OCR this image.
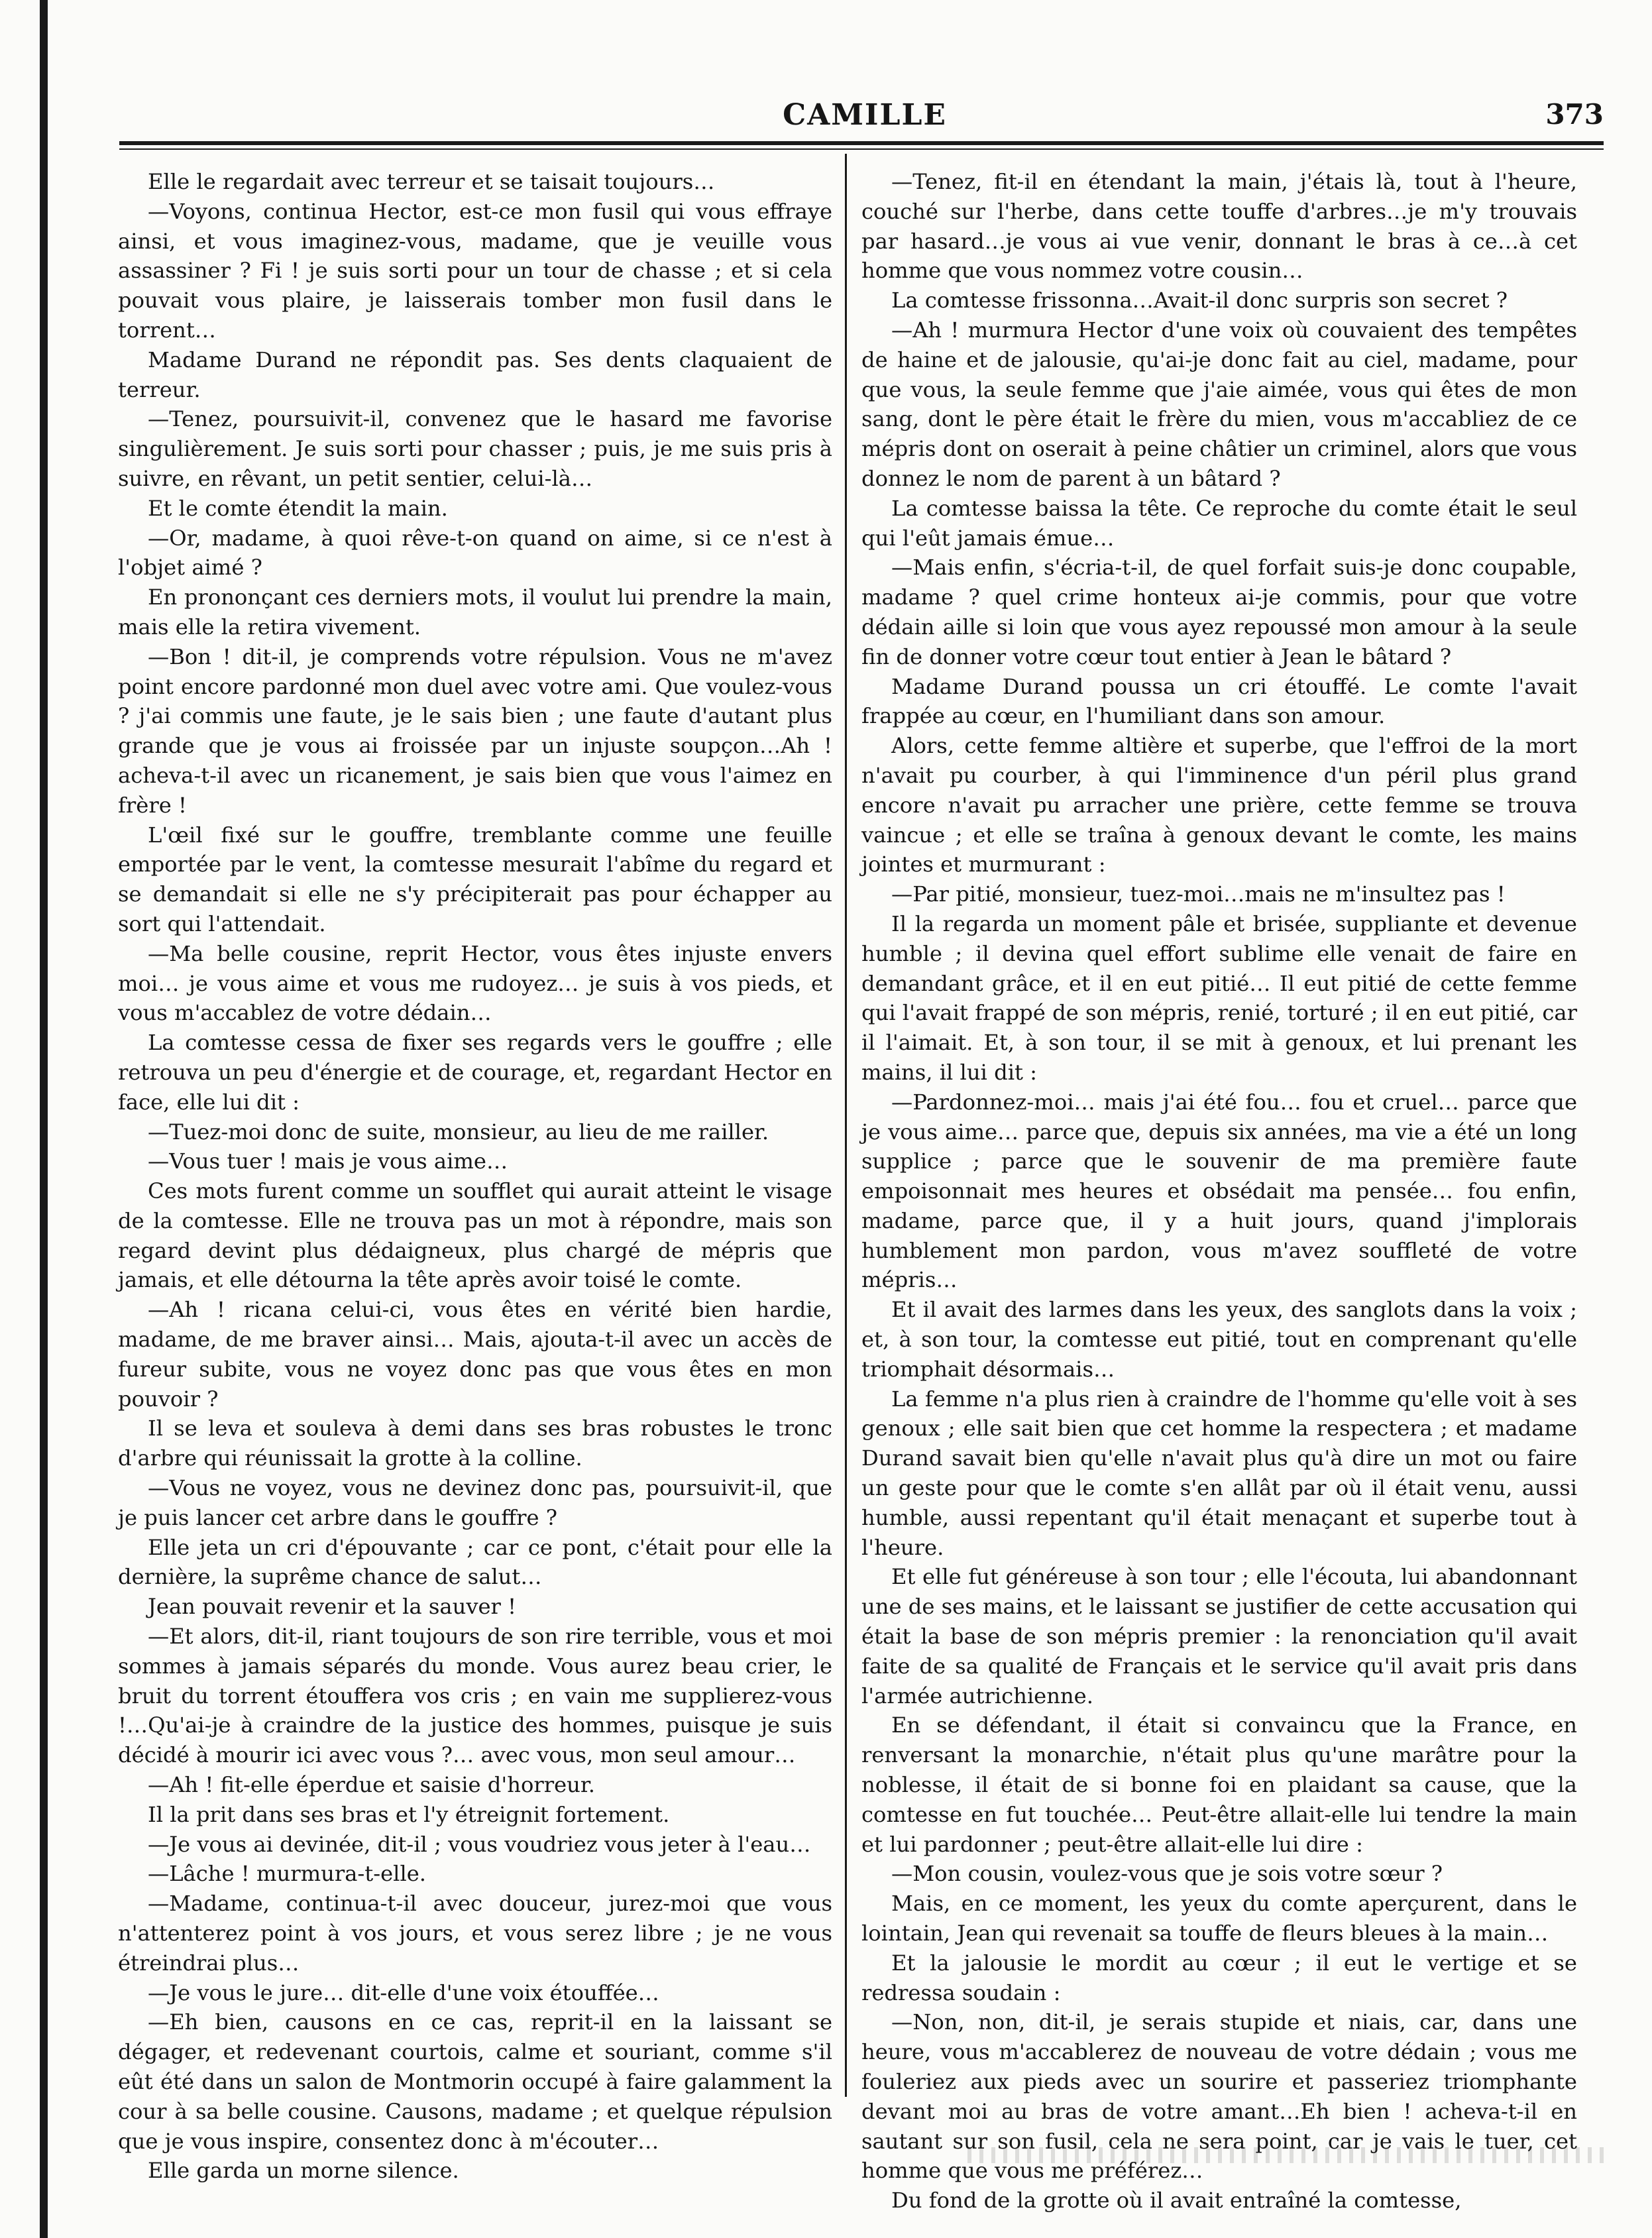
CAMILLE	373

Elle le regardait avec terreur et se taisait toujours…

—Voyons, continua Hector, est-ce mon fusil qui vous effraye ainsi, et vous imaginez-vous, madame, que je veuille vous assassiner ? Fi ! je suis sorti pour un tour de chasse ; et si cela pouvait vous plaire, je laisserais tomber mon fusil dans le torrent…

Madame Durand ne répondit pas. Ses dents claquaient de terreur.

—Tenez, poursuivit-il, convenez que le hasard me favorise singulièrement. Je suis sorti pour chasser ; puis, je me suis pris à suivre, en rêvant, un petit sentier, celui-là…

Et le comte étendit la main.

—Or, madame, à quoi rêve-t-on quand on aime, si ce n'est à l'objet aimé ?

En prononçant ces derniers mots, il voulut lui prendre la main, mais elle la retira vivement.

—Bon ! dit-il, je comprends votre répulsion. Vous ne m'avez point encore pardonné mon duel avec votre ami. Que voulez-vous ? j'ai commis une faute, je le sais bien ; une faute d'autant plus grande que je vous ai froissée par un injuste soupçon…Ah ! acheva-t-il avec un ricanement, je sais bien que vous l'aimez en frère !

L'œil fixé sur le gouffre, tremblante comme une feuille emportée par le vent, la comtesse mesurait l'abîme du regard et se demandait si elle ne s'y précipiterait pas pour échapper au sort qui l'attendait.

—Ma belle cousine, reprit Hector, vous êtes injuste envers moi… je vous aime et vous me rudoyez… je suis à vos pieds, et vous m'accablez de votre dédain…

La comtesse cessa de fixer ses regards vers le gouffre ; elle retrouva un peu d'énergie et de courage, et, regardant Hector en face, elle lui dit :

—Tuez-moi donc de suite, monsieur, au lieu de me railler.

—Vous tuer ! mais je vous aime…

Ces mots furent comme un soufflet qui aurait atteint le visage de la comtesse. Elle ne trouva pas un mot à répondre, mais son regard devint plus dédaigneux, plus chargé de mépris que jamais, et elle détourna la tête après avoir toisé le comte.

—Ah ! ricana celui-ci, vous êtes en vérité bien hardie, madame, de me braver ainsi… Mais, ajouta-t-il avec un accès de fureur subite, vous ne voyez donc pas que vous êtes en mon pouvoir ?

Il se leva et souleva à demi dans ses bras robustes le tronc d'arbre qui réunissait la grotte à la colline.

—Vous ne voyez, vous ne devinez donc pas, poursuivit-il, que je puis lancer cet arbre dans le gouffre ?

Elle jeta un cri d'épouvante ; car ce pont, c'était pour elle la dernière, la suprême chance de salut…

Jean pouvait revenir et la sauver !

—Et alors, dit-il, riant toujours de son rire terrible, vous et moi sommes à jamais séparés du monde. Vous aurez beau crier, le bruit du torrent étouffera vos cris ; en vain me supplierez-vous !…Qu'ai-je à craindre de la justice des hommes, puisque je suis décidé à mourir ici avec vous ?… avec vous, mon seul amour…

—Ah ! fit-elle éperdue et saisie d'horreur.

Il la prit dans ses bras et l'y étreignit fortement.

—Je vous ai devinée, dit-il ; vous voudriez vous jeter à l'eau…

—Lâche ! murmura-t-elle.

—Madame, continua-t-il avec douceur, jurez-moi que vous n'attenterez point à vos jours, et vous serez libre ; je ne vous étreindrai plus…

—Je vous le jure… dit-elle d'une voix étouffée…

—Eh bien, causons en ce cas, reprit-il en la laissant se dégager, et redevenant courtois, calme et souriant, comme s'il eût été dans un salon de Montmorin occupé à faire galamment la cour à sa belle cousine. Causons, madame ; et quelque répulsion que je vous inspire, consentez donc à m'écouter…

Elle garda un morne silence.

—Tenez, fit-il en étendant la main, j'étais là, tout à l'heure, couché sur l'herbe, dans cette touffe d'arbres…je m'y trouvais par hasard…je vous ai vue venir, donnant le bras à ce…à cet homme que vous nommez votre cousin…

La comtesse frissonna…Avait-il donc surpris son secret ?

—Ah ! murmura Hector d'une voix où couvaient des tempêtes de haine et de jalousie, qu'ai-je donc fait au ciel, madame, pour que vous, la seule femme que j'aie aimée, vous qui êtes de mon sang, dont le père était le frère du mien, vous m'accabliez de ce mépris dont on oserait à peine châtier un criminel, alors que vous donnez le nom de parent à un bâtard ?

La comtesse baissa la tête. Ce reproche du comte était le seul qui l'eût jamais émue…

—Mais enfin, s'écria-t-il, de quel forfait suis-je donc coupable, madame ? quel crime honteux ai-je commis, pour que votre dédain aille si loin que vous ayez repoussé mon amour à la seule fin de donner votre cœur tout entier à Jean le bâtard ?

Madame Durand poussa un cri étouffé. Le comte l'avait frappée au cœur, en l'humiliant dans son amour.

Alors, cette femme altière et superbe, que l'effroi de la mort n'avait pu courber, à qui l'imminence d'un péril plus grand encore n'avait pu arracher une prière, cette femme se trouva vaincue ; et elle se traîna à genoux devant le comte, les mains jointes et murmurant :

—Par pitié, monsieur, tuez-moi…mais ne m'insultez pas !

Il la regarda un moment pâle et brisée, suppliante et devenue humble ; il devina quel effort sublime elle venait de faire en demandant grâce, et il en eut pitié… Il eut pitié de cette femme qui l'avait frappé de son mépris, renié, torturé ; il en eut pitié, car il l'aimait. Et, à son tour, il se mit à genoux, et lui prenant les mains, il lui dit :

—Pardonnez-moi… mais j'ai été fou… fou et cruel… parce que je vous aime… parce que, depuis six années, ma vie a été un long supplice ; parce que le souvenir de ma première faute empoisonnait mes heures et obsédait ma pensée… fou enfin, madame, parce que, il y a huit jours, quand j'implorais humblement mon pardon, vous m'avez souffleté de votre mépris…

Et il avait des larmes dans les yeux, des sanglots dans la voix ; et, à son tour, la comtesse eut pitié, tout en comprenant qu'elle triomphait désormais…

La femme n'a plus rien à craindre de l'homme qu'elle voit à ses genoux ; elle sait bien que cet homme la respectera ; et madame Durand savait bien qu'elle n'avait plus qu'à dire un mot ou faire un geste pour que le comte s'en allât par où il était venu, aussi humble, aussi repentant qu'il était menaçant et superbe tout à l'heure.

Et elle fut généreuse à son tour ; elle l'écouta, lui abandonnant une de ses mains, et le laissant se justifier de cette accusation qui était la base de son mépris premier : la renonciation qu'il avait faite de sa qualité de Français et le service qu'il avait pris dans l'armée autrichienne.

En se défendant, il était si convaincu que la France, en renversant la monarchie, n'était plus qu'une marâtre pour la noblesse, il était de si bonne foi en plaidant sa cause, que la comtesse en fut touchée… Peut-être allait-elle lui tendre la main et lui pardonner ; peut-être allait-elle lui dire :

—Mon cousin, voulez-vous que je sois votre sœur ?

Mais, en ce moment, les yeux du comte aperçurent, dans le lointain, Jean qui revenait sa touffe de fleurs bleues à la main…

Et la jalousie le mordit au cœur ; il eut le vertige et se redressa soudain :

—Non, non, dit-il, je serais stupide et niais, car, dans une heure, vous m'accablerez de nouveau de votre dédain ; vous me fouleriez aux pieds avec un sourire et passeriez triomphante devant moi au bras de votre amant…Eh bien ! acheva-t-il en sautant sur son fusil, cela ne sera point, car je vais le tuer, cet homme que vous me préférez…

Du fond de la grotte où il avait entraîné la comtesse,
